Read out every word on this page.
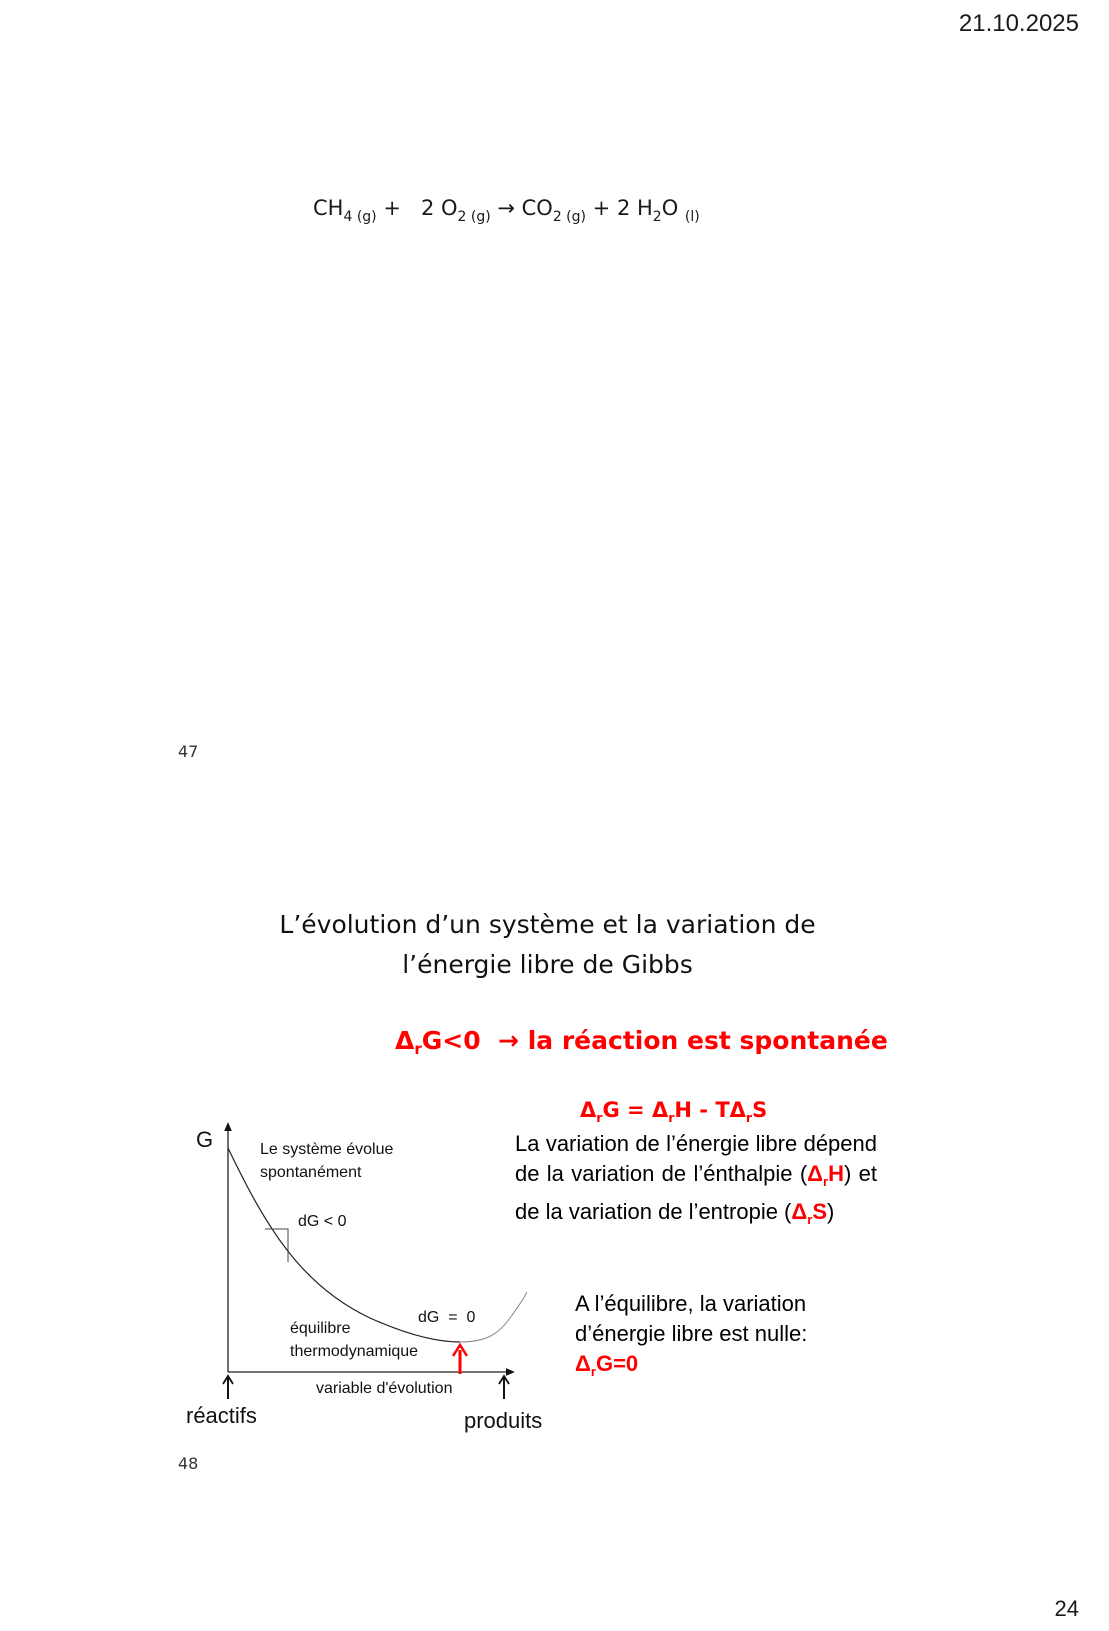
21.10.2025
24
$CH_{4 (g)} + 2$ $O_{2 (g)} \to CO_{2 (g)} + 2$ $H_2O$ $_{(l)}$
47
L’évolution d’un système et la variation de l’énergie libre de Gibbs
$\Delta_rG<0$  → la réaction est spontanée
$\Delta_rG = \Delta_rH - T\Delta_rS$
La variation de l’énergie libre dépend de la variation de l’énthalpie $(\Delta_rH)$ et de la variation de l’entropie $(\Delta_rS)$
A l’équilibre, la variation d’énergie libre est nulle:
$\Delta_rG=0$
G	Le système évolue
spontanément
dG < 0
dG  =  0
équilibre
thermodynamique
variable d'évolution
réactifs	produits
48
